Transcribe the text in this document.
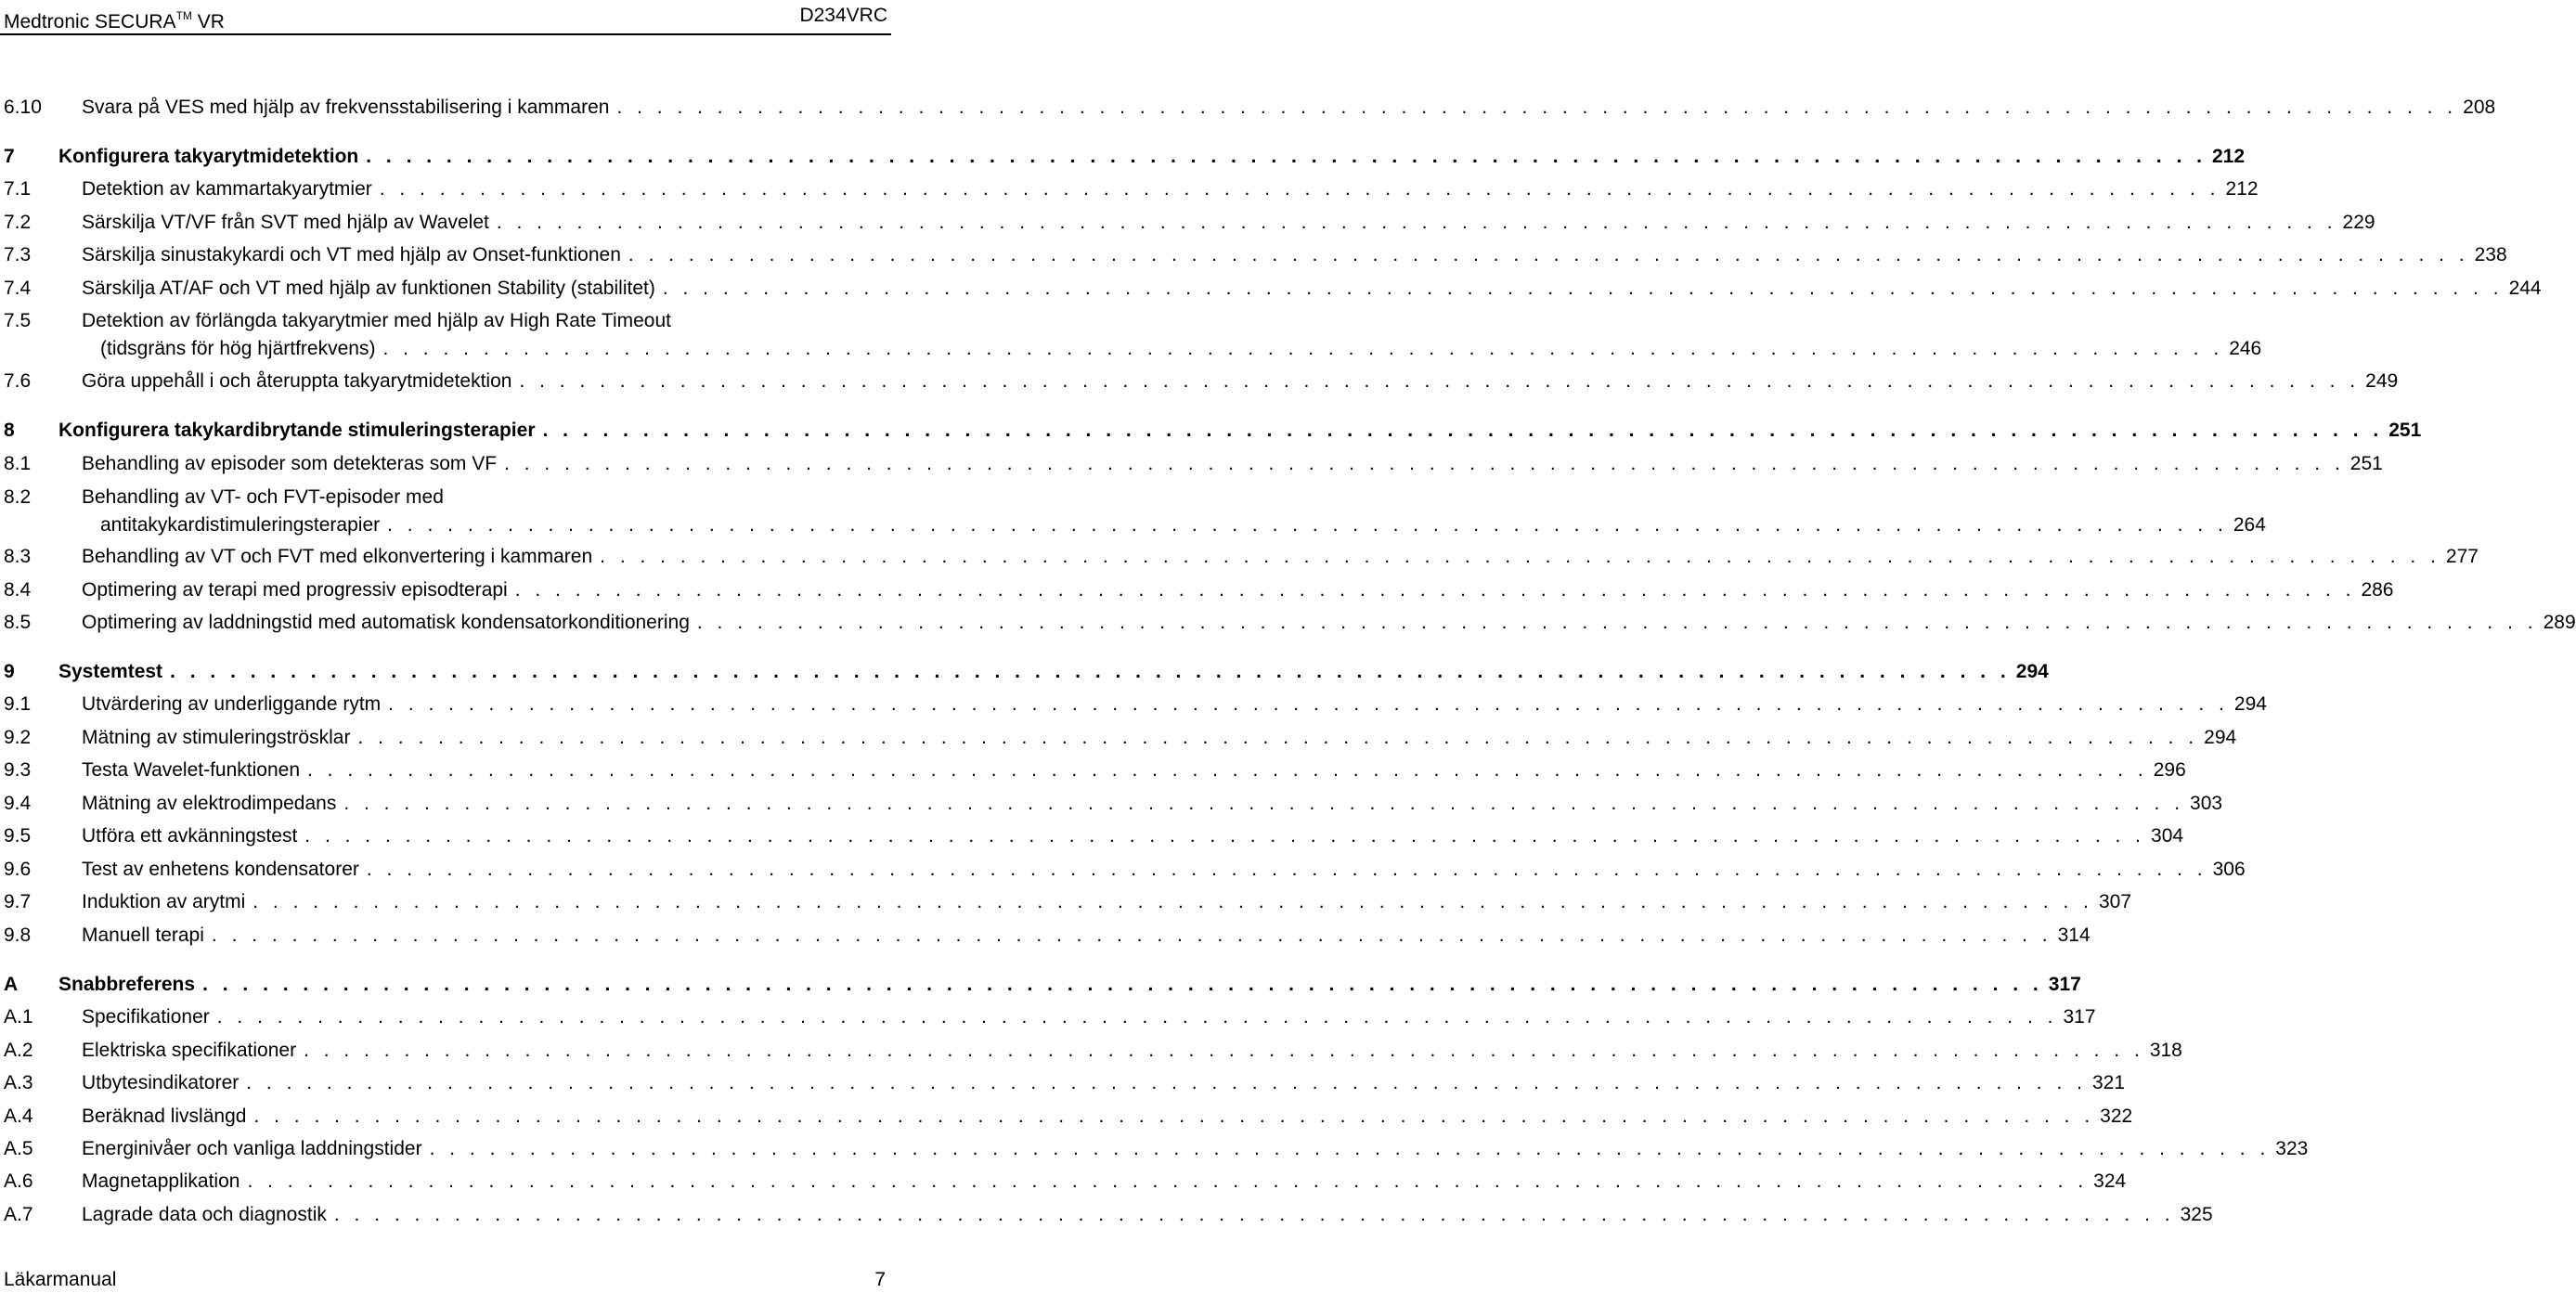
Medtronic SECURA™ VR	D234VRC
6.10 Svara på VES med hjälp av frekvensstabilisering i kammaren . . . . . . . . . . . . . . . . . . . . . . . . . . . . . . . . . . . . . . . . . . . . . . . . . . . . . . . . . . . . . . . . . . . . . . . . . . . . . . . . . . . . . . . . . . . . 208
7 Konfigurera takyarytmidetektion . . . . . . . . . . . . . . . . . . . . . . . . . . . . . . . . . . . . . . . . . . . . . . . . . . . . . . . . . . . . . . . . . . . . . . . . . . . . . . . . . . . . . . . . . . . . 212
7.1	Detektion av kammartakyarytmier . . . . . . . . . . . . . . . . . . . . . . . . . . . . . . . . . . . . . . . . . . . . . . . . . . . . . . . . . . . . . . . . . . . . . . . . . . . . . . . . . . . . . . . . . . . . 212
7.2	Särskilja VT/VF från SVT med hjälp av Wavelet . . . . . . . . . . . . . . . . . . . . . . . . . . . . . . . . . . . . . . . . . . . . . . . . . . . . . . . . . . . . . . . . . . . . . . . . . . . . . . . . . . . . . . . . . . . . 229
7.3	Särskilja sinustakykardi och VT med hjälp av Onset-funktionen . . . . . . . . . . . . . . . . . . . . . . . . . . . . . . . . . . . . . . . . . . . . . . . . . . . . . . . . . . . . . . . . . . . . . . . . . . . . . . . . . . . . . . . . . . . . 238
7.4	Särskilja AT/AF och VT med hjälp av funktionen Stability (stabilitet) . . . . . . . . . . . . . . . . . . . . . . . . . . . . . . . . . . . . . . . . . . . . . . . . . . . . . . . . . . . . . . . . . . . . . . . . . . . . . . . . . . . . . . . . . . . . 244
7.5	Detektion av förlängda takyarytmier med hjälp av High Rate Timeout
(tidsgräns för hög hjärtfrekvens) . . . . . . . . . . . . . . . . . . . . . . . . . . . . . . . . . . . . . . . . . . . . . . . . . . . . . . . . . . . . . . . . . . . . . . . . . . . . . . . . . . . . . . . . . . . . 246
7.6	Göra uppehåll i och återuppta takyarytmidetektion . . . . . . . . . . . . . . . . . . . . . . . . . . . . . . . . . . . . . . . . . . . . . . . . . . . . . . . . . . . . . . . . . . . . . . . . . . . . . . . . . . . . . . . . . . . . 249
8 Konfigurera takykardibrytande stimuleringsterapier . . . . . . . . . . . . . . . . . . . . . . . . . . . . . . . . . . . . . . . . . . . . . . . . . . . . . . . . . . . . . . . . . . . . . . . . . . . . . . . . . . . . . . . . . . . . 251
8.1	Behandling av episoder som detekteras som VF . . . . . . . . . . . . . . . . . . . . . . . . . . . . . . . . . . . . . . . . . . . . . . . . . . . . . . . . . . . . . . . . . . . . . . . . . . . . . . . . . . . . . . . . . . . . 251
8.2	Behandling av VT- och FVT-episoder med
antitakykardistimuleringsterapier . . . . . . . . . . . . . . . . . . . . . . . . . . . . . . . . . . . . . . . . . . . . . . . . . . . . . . . . . . . . . . . . . . . . . . . . . . . . . . . . . . . . . . . . . . . . 264
8.3	Behandling av VT och FVT med elkonvertering i kammaren . . . . . . . . . . . . . . . . . . . . . . . . . . . . . . . . . . . . . . . . . . . . . . . . . . . . . . . . . . . . . . . . . . . . . . . . . . . . . . . . . . . . . . . . . . . . 277
8.4	Optimering av terapi med progressiv episodterapi . . . . . . . . . . . . . . . . . . . . . . . . . . . . . . . . . . . . . . . . . . . . . . . . . . . . . . . . . . . . . . . . . . . . . . . . . . . . . . . . . . . . . . . . . . . . 286
8.5	Optimering av laddningstid med automatisk kondensatorkonditionering . . . . . . . . . . . . . . . . . . . . . . . . . . . . . . . . . . . . . . . . . . . . . . . . . . . . . . . . . . . . . . . . . . . . . . . . . . . . . . . . . . . . . . . . . . . . 289
9 Systemtest . . . . . . . . . . . . . . . . . . . . . . . . . . . . . . . . . . . . . . . . . . . . . . . . . . . . . . . . . . . . . . . . . . . . . . . . . . . . . . . . . . . . . . . . . . . . 294
9.1	Utvärdering av underliggande rytm . . . . . . . . . . . . . . . . . . . . . . . . . . . . . . . . . . . . . . . . . . . . . . . . . . . . . . . . . . . . . . . . . . . . . . . . . . . . . . . . . . . . . . . . . . . . 294
9.2	Mätning av stimuleringströsklar . . . . . . . . . . . . . . . . . . . . . . . . . . . . . . . . . . . . . . . . . . . . . . . . . . . . . . . . . . . . . . . . . . . . . . . . . . . . . . . . . . . . . . . . . . . . 294
9.3	Testa Wavelet-funktionen . . . . . . . . . . . . . . . . . . . . . . . . . . . . . . . . . . . . . . . . . . . . . . . . . . . . . . . . . . . . . . . . . . . . . . . . . . . . . . . . . . . . . . . . . . . . 296
9.4	Mätning av elektrodimpedans . . . . . . . . . . . . . . . . . . . . . . . . . . . . . . . . . . . . . . . . . . . . . . . . . . . . . . . . . . . . . . . . . . . . . . . . . . . . . . . . . . . . . . . . . . . . 303
9.5	Utföra ett avkänningstest . . . . . . . . . . . . . . . . . . . . . . . . . . . . . . . . . . . . . . . . . . . . . . . . . . . . . . . . . . . . . . . . . . . . . . . . . . . . . . . . . . . . . . . . . . . . 304
9.6	Test av enhetens kondensatorer . . . . . . . . . . . . . . . . . . . . . . . . . . . . . . . . . . . . . . . . . . . . . . . . . . . . . . . . . . . . . . . . . . . . . . . . . . . . . . . . . . . . . . . . . . . . 306
9.7	Induktion av arytmi . . . . . . . . . . . . . . . . . . . . . . . . . . . . . . . . . . . . . . . . . . . . . . . . . . . . . . . . . . . . . . . . . . . . . . . . . . . . . . . . . . . . . . . . . . . . 307
9.8	Manuell terapi . . . . . . . . . . . . . . . . . . . . . . . . . . . . . . . . . . . . . . . . . . . . . . . . . . . . . . . . . . . . . . . . . . . . . . . . . . . . . . . . . . . . . . . . . . . . 314
A Snabbreferens . . . . . . . . . . . . . . . . . . . . . . . . . . . . . . . . . . . . . . . . . . . . . . . . . . . . . . . . . . . . . . . . . . . . . . . . . . . . . . . . . . . . . . . . . . . . 317
A.1 Specifikationer . . . . . . . . . . . . . . . . . . . . . . . . . . . . . . . . . . . . . . . . . . . . . . . . . . . . . . . . . . . . . . . . . . . . . . . . . . . . . . . . . . . . . . . . . . . . 317
A.2 Elektriska specifikationer . . . . . . . . . . . . . . . . . . . . . . . . . . . . . . . . . . . . . . . . . . . . . . . . . . . . . . . . . . . . . . . . . . . . . . . . . . . . . . . . . . . . . . . . . . . . 318
A.3 Utbytesindikatorer . . . . . . . . . . . . . . . . . . . . . . . . . . . . . . . . . . . . . . . . . . . . . . . . . . . . . . . . . . . . . . . . . . . . . . . . . . . . . . . . . . . . . . . . . . . . 321
A.4 Beräknad livslängd . . . . . . . . . . . . . . . . . . . . . . . . . . . . . . . . . . . . . . . . . . . . . . . . . . . . . . . . . . . . . . . . . . . . . . . . . . . . . . . . . . . . . . . . . . . . 322
A.5 Energinivåer och vanliga laddningstider . . . . . . . . . . . . . . . . . . . . . . . . . . . . . . . . . . . . . . . . . . . . . . . . . . . . . . . . . . . . . . . . . . . . . . . . . . . . . . . . . . . . . . . . . . . . 323
A.6 Magnetapplikation . . . . . . . . . . . . . . . . . . . . . . . . . . . . . . . . . . . . . . . . . . . . . . . . . . . . . . . . . . . . . . . . . . . . . . . . . . . . . . . . . . . . . . . . . . . . 324
A.7 Lagrade data och diagnostik . . . . . . . . . . . . . . . . . . . . . . . . . . . . . . . . . . . . . . . . . . . . . . . . . . . . . . . . . . . . . . . . . . . . . . . . . . . . . . . . . . . . . . . . . . . . 325
Läkarmanual	7
